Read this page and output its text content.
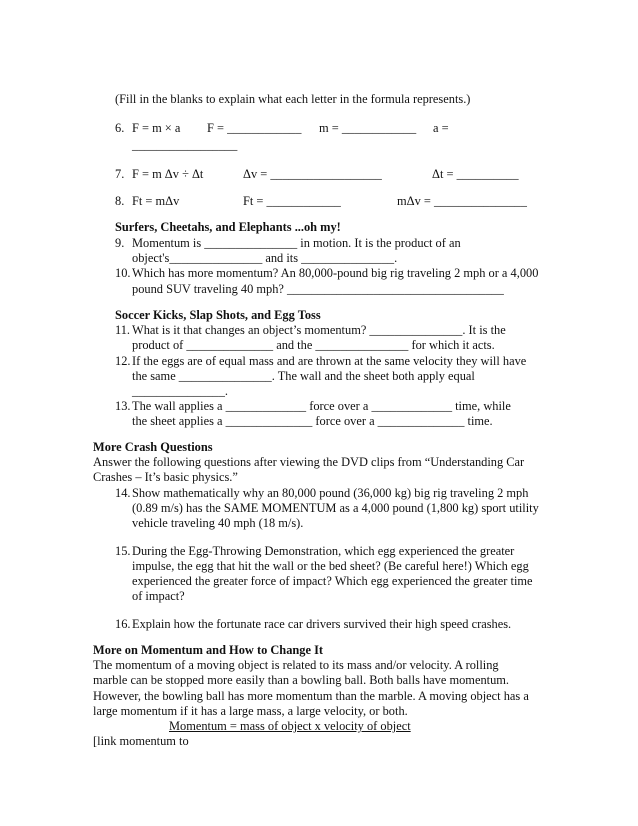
(Fill in the blanks to explain what each letter in the formula represents.)
6. F = m × a F = ____________ m = ____________ a =
_________________
7. F = m Δv ÷ Δt	Δv = __________________	Δt = __________
8. Ft = mΔv	Ft = ____________	mΔv = _______________
Surfers, Cheetahs, and Elephants ...oh my!
9. Momentum is _______________ in motion. It is the product of an
object's_______________ and its _______________.
10. Which has more momentum? An 80,000-pound big rig traveling 2 mph or a 4,000
pound SUV traveling 40 mph? ___________________________________
Soccer Kicks, Slap Shots, and Egg Toss
11. What is it that changes an object’s momentum? _______________. It is the
product of ______________ and the _______________ for which it acts.
12. If the eggs are of equal mass and are thrown at the same velocity they will have
the same _______________. The wall and the sheet both apply equal
_______________.
13. The wall applies a _____________ force over a _____________ time, while
the sheet applies a ______________ force over a ______________ time.
More Crash Questions
Answer the following questions after viewing the DVD clips from “Understanding Car
Crashes – It’s basic physics.”
14. Show mathematically why an 80,000 pound (36,000 kg) big rig traveling 2 mph
(0.89 m/s) has the SAME MOMENTUM as a 4,000 pound (1,800 kg) sport utility
vehicle traveling 40 mph (18 m/s).
15. During the Egg-Throwing Demonstration, which egg experienced the greater
impulse, the egg that hit the wall or the bed sheet? (Be careful here!) Which egg
experienced the greater force of impact? Which egg experienced the greater time
of impact?
16. Explain how the fortunate race car drivers survived their high speed crashes.
More on Momentum and How to Change It
The momentum of a moving object is related to its mass and/or velocity. A rolling
marble can be stopped more easily than a bowling ball. Both balls have momentum.
However, the bowling ball has more momentum than the marble. A moving object has a
large momentum if it has a large mass, a large velocity, or both.
Momentum = mass of object x velocity of object
[link momentum to
